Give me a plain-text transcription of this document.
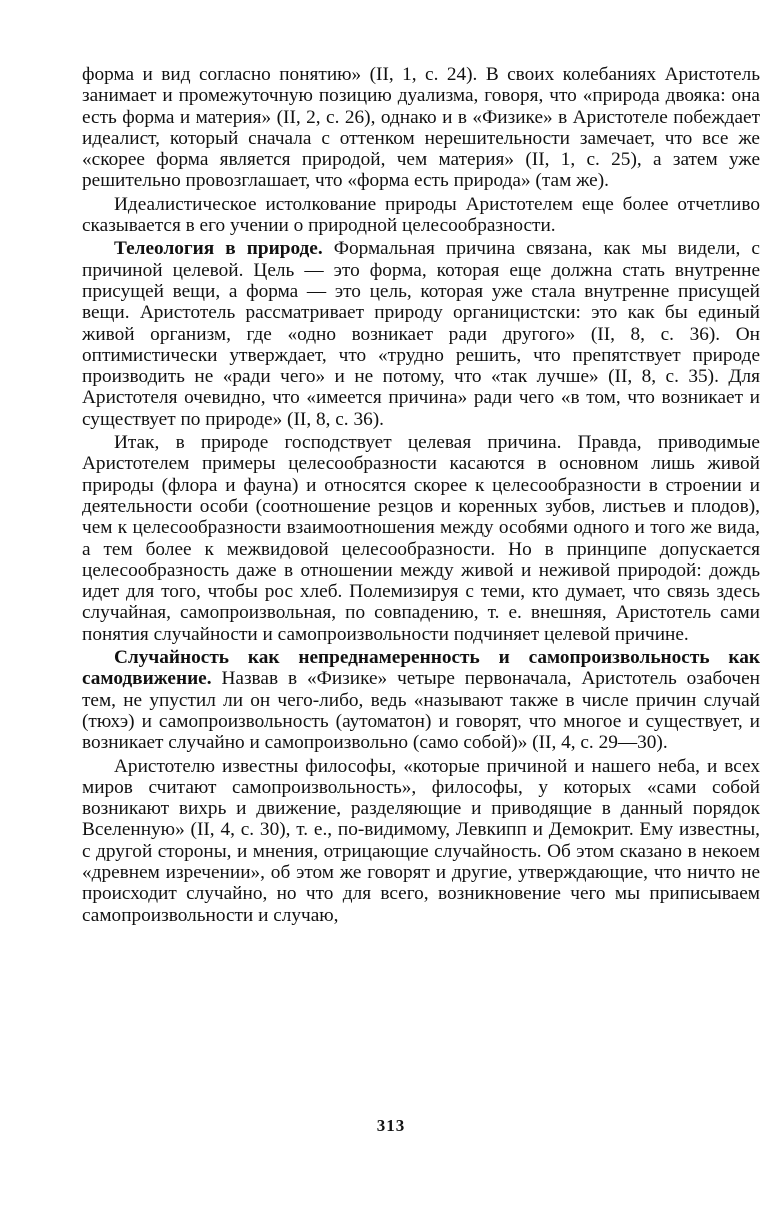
форма и вид согласно понятию» (II, 1, с. 24). В своих колебаниях Аристотель занимает и промежуточную позицию дуализма, говоря, что «природа двояка: она есть форма и материя» (II, 2, с. 26), однако и в «Физике» в Аристотеле побеждает идеалист, который сначала с оттенком нерешительности замечает, что все же «скорее форма является природой, чем материя» (II, 1, с. 25), а затем уже решительно провозглашает, что «форма есть природа» (там же).

Идеалистическое истолкование природы Аристотелем еще более отчетливо сказывается в его учении о природной целесообразности.

Телеология в природе. Формальная причина связана, как мы видели, с причиной целевой. Цель — это форма, которая еще должна стать внутренне присущей вещи, а форма — это цель, которая уже стала внутренне присущей вещи. Аристотель рассматривает природу органицистски: это как бы единый живой организм, где «одно возникает ради другого» (II, 8, с. 36). Он оптимистически утверждает, что «трудно решить, что препятствует природе производить не «ради чего» и не потому, что «так лучше» (II, 8, с. 35). Для Аристотеля очевидно, что «имеется причина» ради чего «в том, что возникает и существует по природе» (II, 8, с. 36).

Итак, в природе господствует целевая причина. Правда, приводимые Аристотелем примеры целесообразности касаются в основном лишь живой природы (флора и фауна) и относятся скорее к целесообразности в строении и деятельности особи (соотношение резцов и коренных зубов, листьев и плодов), чем к целесообразности взаимоотношения между особями одного и того же вида, а тем более к межвидовой целесообразности. Но в принципе допускается целесообразность даже в отношении между живой и неживой природой: дождь идет для того, чтобы рос хлеб. Полемизируя с теми, кто думает, что связь здесь случайная, самопроизвольная, по совпадению, т. е. внешняя, Аристотель сами понятия случайности и самопроизвольности подчиняет целевой причине.

Случайность как непреднамеренность и самопроизвольность как самодвижение. Назвав в «Физике» четыре первоначала, Аристотель озабочен тем, не упустил ли он чего-либо, ведь «называют также в числе причин случай (тюхэ) и самопроизвольность (аутоматон) и говорят, что многое и существует, и возникает случайно и самопроизвольно (само собой)» (II, 4, с. 29—30).

Аристотелю известны философы, «которые причиной и нашего неба, и всех миров считают самопроизвольность», философы, у которых «сами собой возникают вихрь и движение, разделяющие и приводящие в данный порядок Вселенную» (II, 4, с. 30), т. е., по-видимому, Левкипп и Демокрит. Ему известны, с другой стороны, и мнения, отрицающие случайность. Об этом сказано в некоем «древнем изречении», об этом же говорят и другие, утверждающие, что ничто не происходит случайно, но что для всего, возникновение чего мы приписываем самопроизвольности и случаю,

313
